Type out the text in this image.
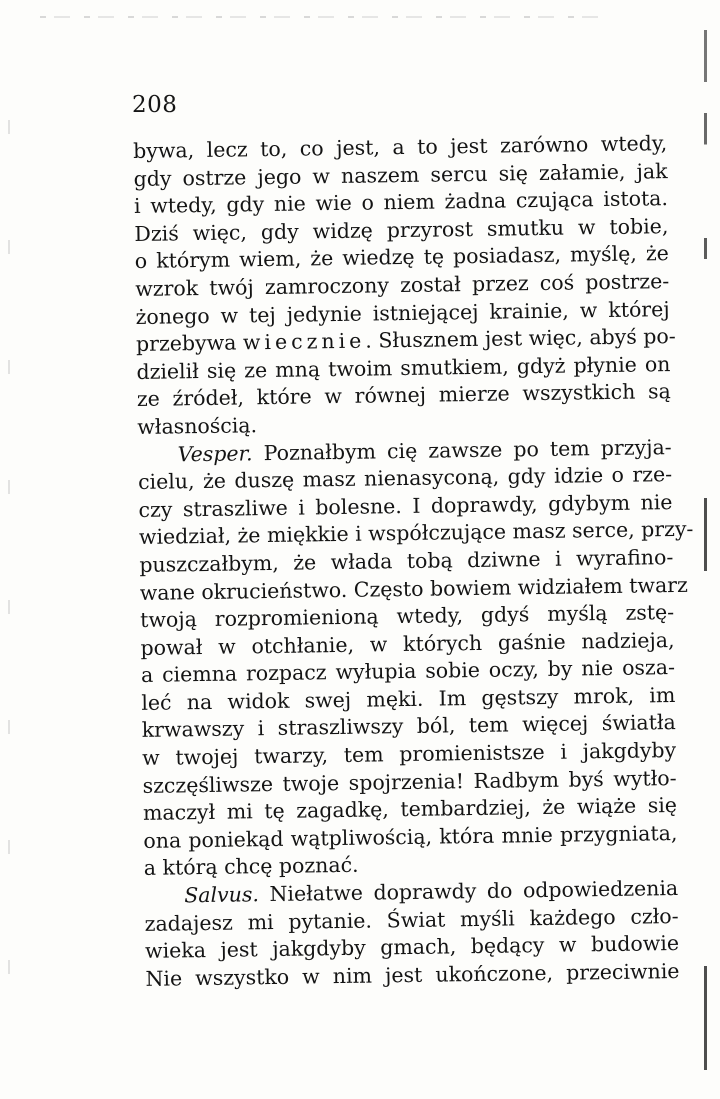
208
bywa, lecz to, co jest, a to jest zarówno wtedy,
gdy ostrze jego w naszem sercu się załamie, jak
i wtedy, gdy nie wie o niem żadna czująca istota.
Dziś więc, gdy widzę przyrost smutku w tobie,
o którym wiem, że wiedzę tę posiadasz, myślę, że
wzrok twój zamroczony został przez coś postrze-
żonego w tej jedynie istniejącej krainie, w której
przebywa wiecznie. Słusznem jest więc, abyś po-
dzielił się ze mną twoim smutkiem, gdyż płynie on
ze źródeł, które w równej mierze wszystkich są
własnością.
Vesper. Poznałbym cię zawsze po tem przyja-
cielu, że duszę masz nienasyconą, gdy idzie o rze-
czy straszliwe i bolesne. I doprawdy, gdybym nie
wiedział, że miękkie i współczujące masz serce, przy-
puszczałbym, że włada tobą dziwne i wyrafino-
wane okrucieństwo. Często bowiem widziałem twarz
twoją rozpromienioną wtedy, gdyś myślą zstę-
pował w otchłanie, w których gaśnie nadzieja,
a ciemna rozpacz wyłupia sobie oczy, by nie osza-
leć na widok swej męki. Im gęstszy mrok, im
krwawszy i straszliwszy ból, tem więcej światła
w twojej twarzy, tem promienistsze i jakgdyby
szczęśliwsze twoje spojrzenia! Radbym byś wytło-
maczył mi tę zagadkę, tembardziej, że wiąże się
ona poniekąd wątpliwością, która mnie przygniata,
a którą chcę poznać.
Salvus. Niełatwe doprawdy do odpowiedzenia
zadajesz mi pytanie. Świat myśli każdego czło-
wieka jest jakgdyby gmach, będący w budowie
Nie wszystko w nim jest ukończone, przeciwnie
